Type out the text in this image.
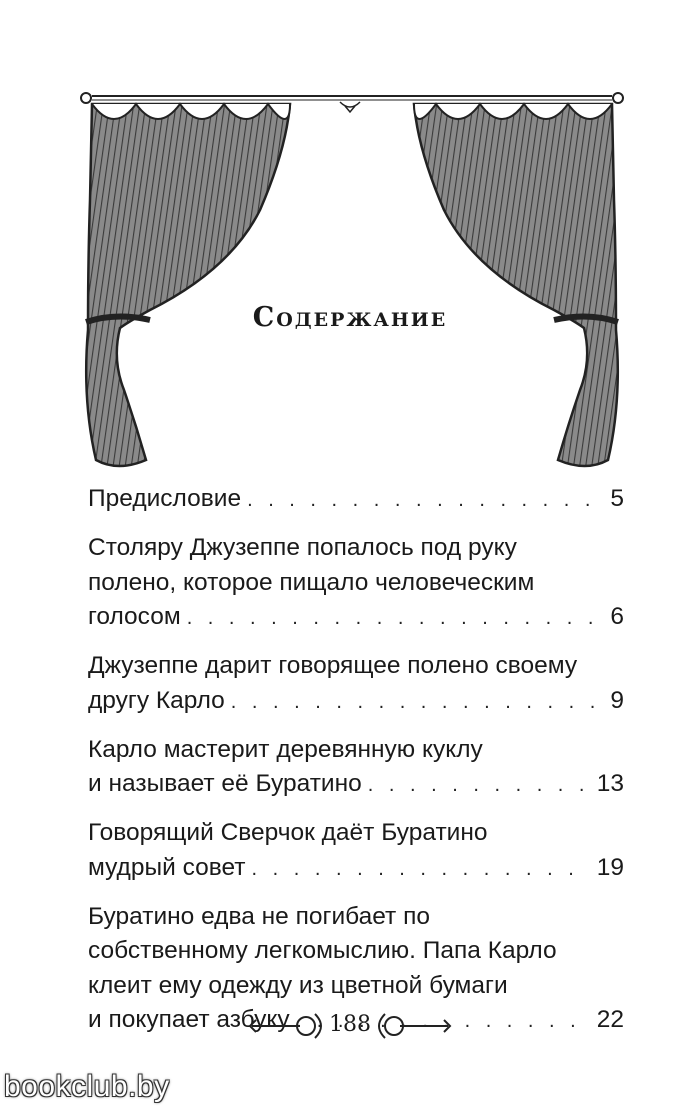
Содержание
Предисловие . . .	5
Столяру Джузеппе попалось под руку
полено, которое пищало человеческим
голосом . . .	6
Джузеппе дарит говорящее полено своему
другу Карло . . .	9
Карло мастерит деревянную куклу
и называет её Буратино . . .	13
Говорящий Сверчок даёт Буратино
мудрый совет . . .	19
Буратино едва не погибает по
собственному легкомыслию. Папа Карло
клеит ему одежду из цветной бумаги
и покупает азбуку . . .	22
188
bookclub.by
